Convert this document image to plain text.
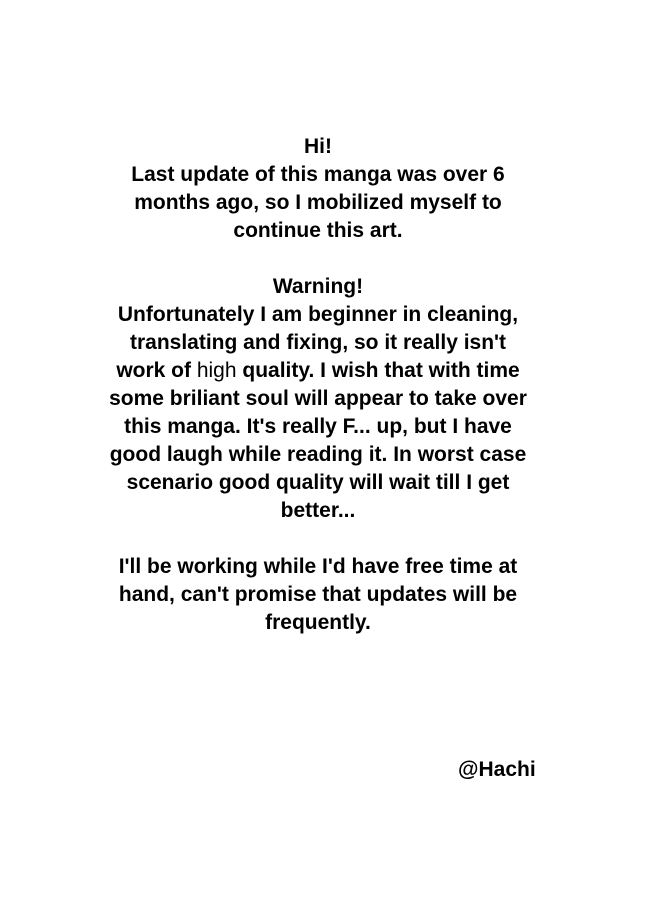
Hi!
Last update of this manga was over 6
months ago, so I mobilized myself to
continue this art.
Warning!
Unfortunately I am beginner in cleaning,
translating and fixing, so it really isn't
work of high quality. I wish that with time
some briliant soul will appear to take over
this manga. It's really F... up, but I have
good laugh while reading it. In worst case
scenario good quality will wait till I get
better...
I'll be working while I'd have free time at
hand, can't promise that updates will be
frequently.
@Hachi
